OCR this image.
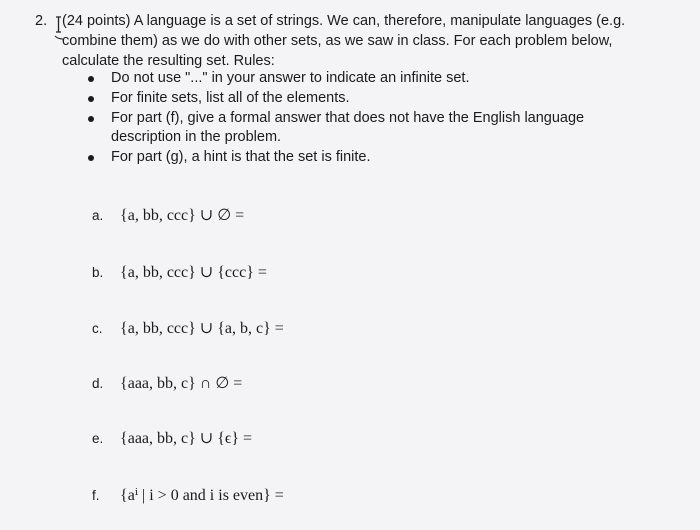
2. (24 points) A language is a set of strings. We can, therefore, manipulate languages (e.g.
combine them) as we do with other sets, as we saw in class. For each problem below,
calculate the resulting set. Rules:
Do not use "..." in your answer to indicate an infinite set.
For finite sets, list all of the elements.
For part (f), give a formal answer that does not have the English language
description in the problem.
For part (g), a hint is that the set is finite.
a. {a, bb, ccc} ∪ ∅ =
b. {a, bb, ccc} ∪ {ccc} =
c. {a, bb, ccc} ∪ {a, b, c} =
d. {aaa, bb, c} ∩ ∅ =
e. {aaa, bb, c} ∪ {ϵ} =
f. {aⁱ | i > 0 and i is even} =
